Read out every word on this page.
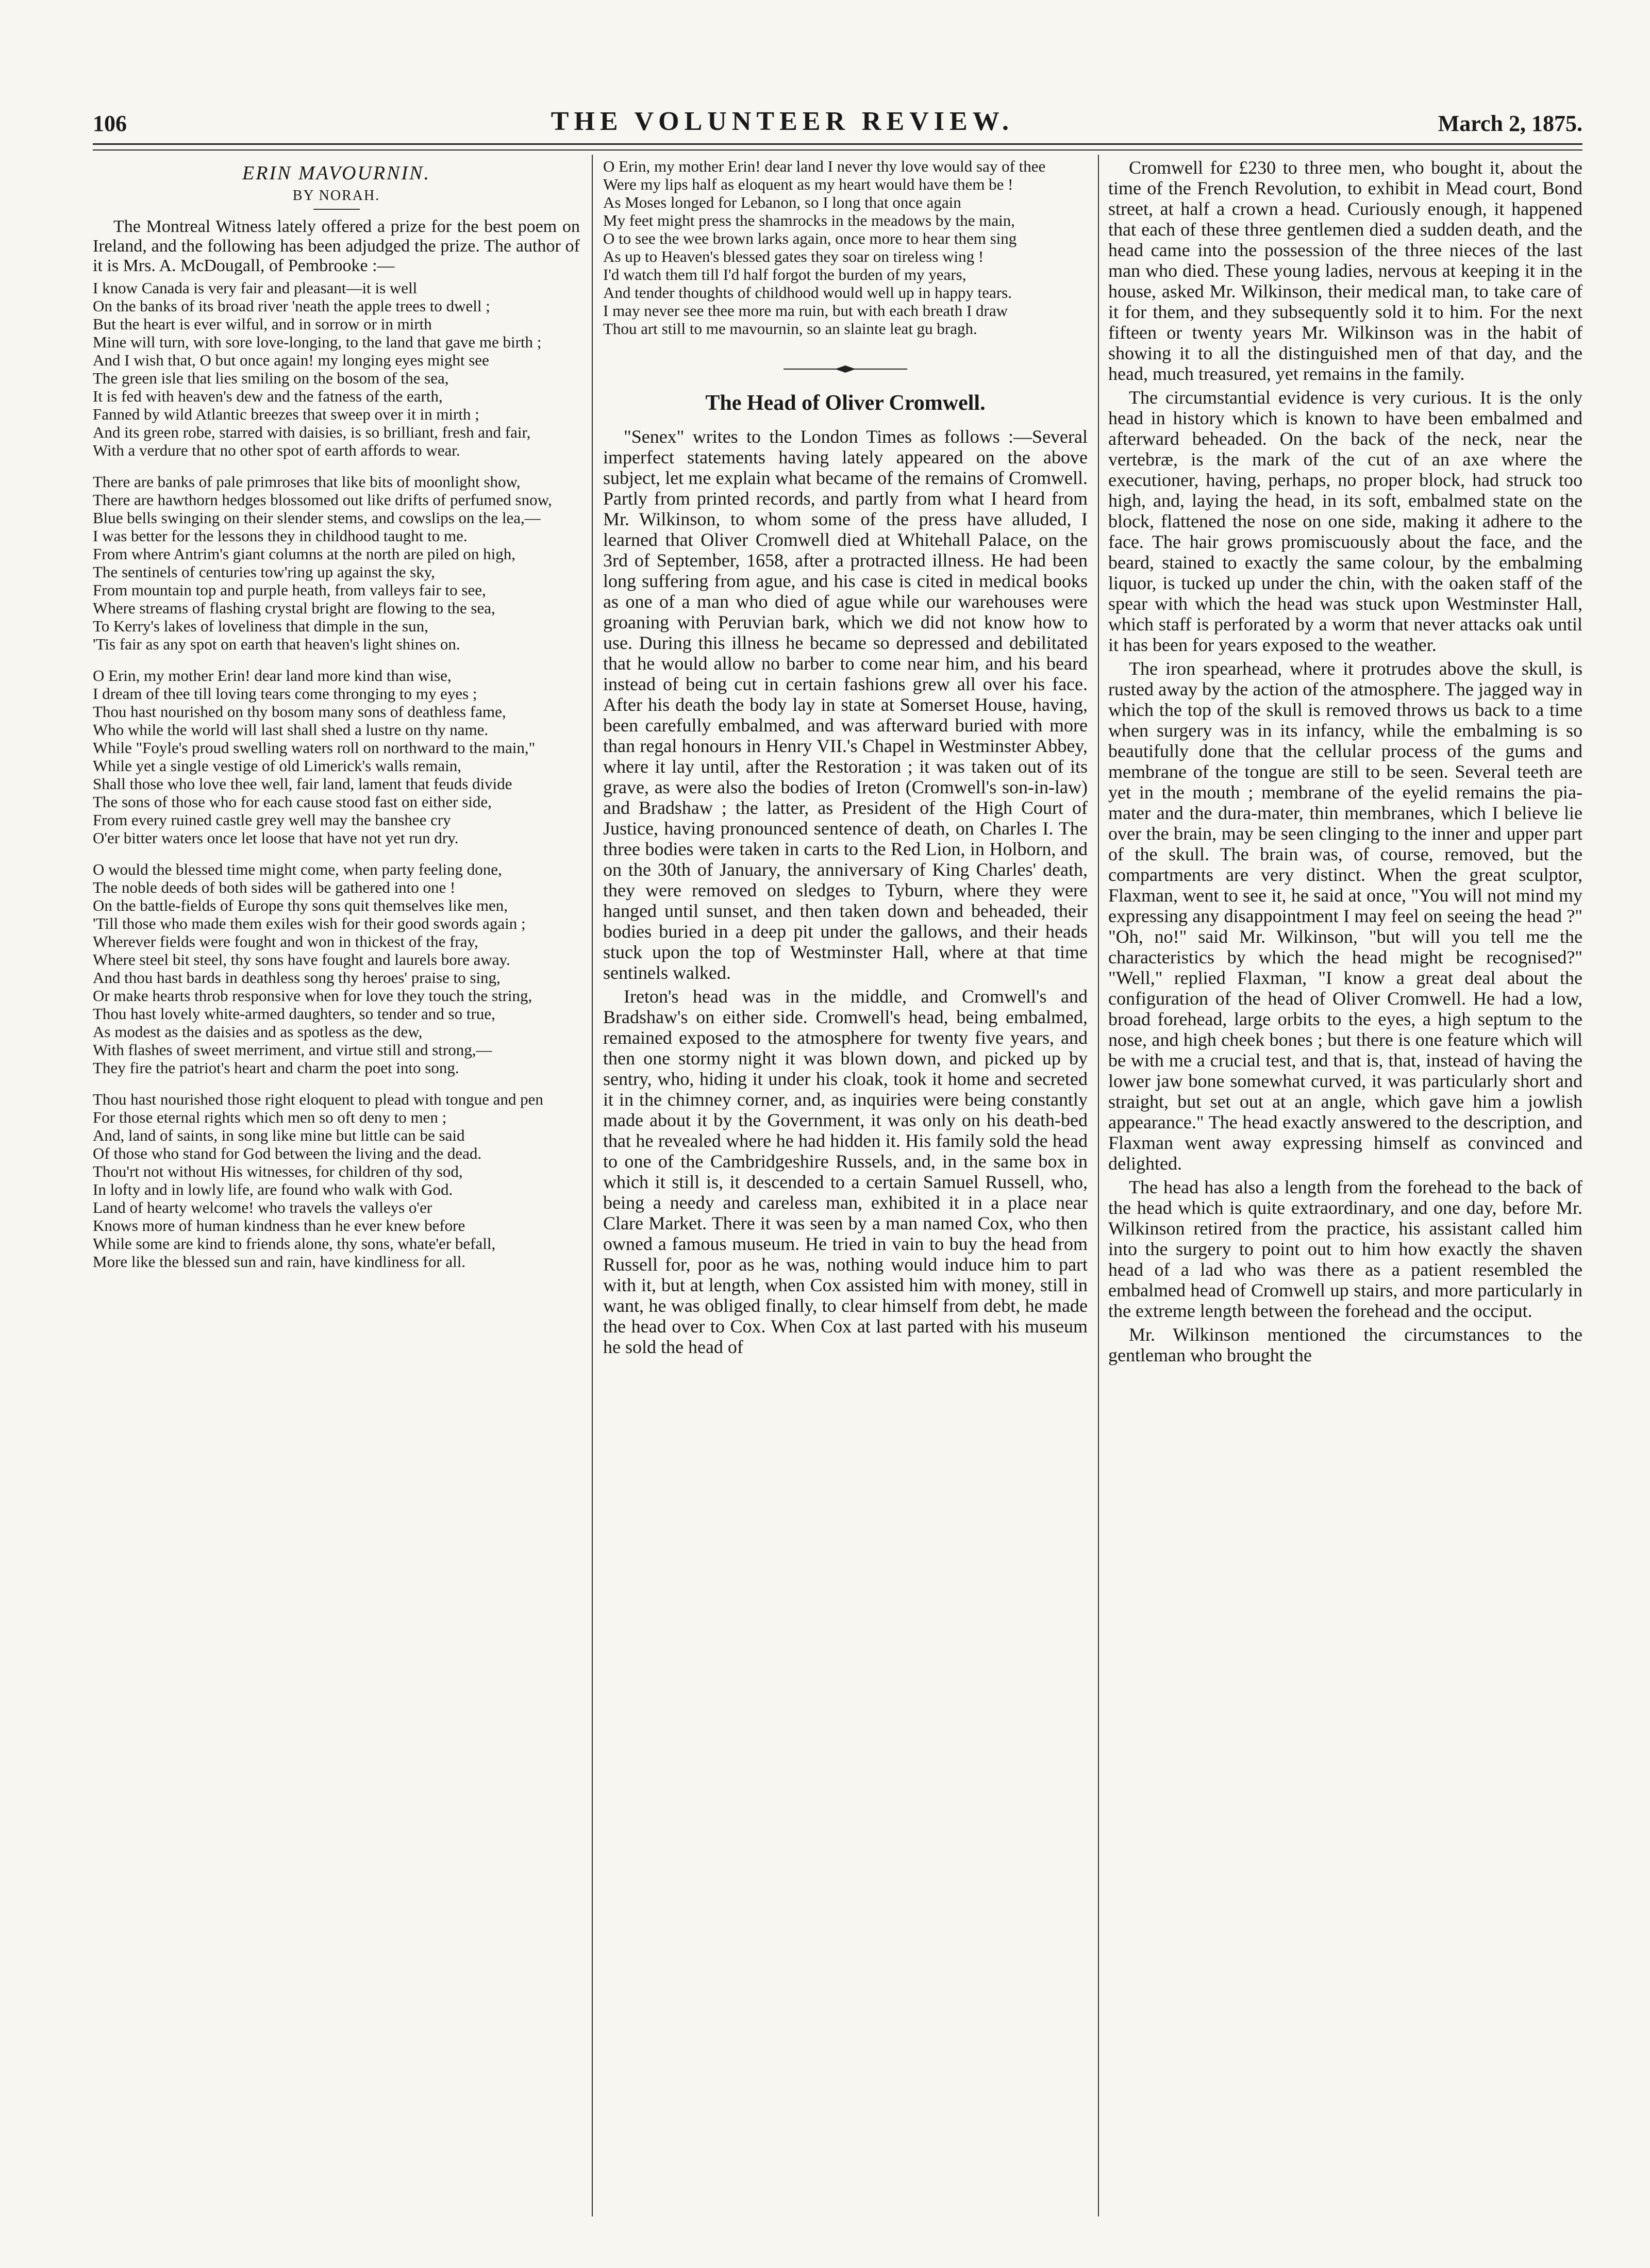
106	THE VOLUNTEER REVIEW.	March 2, 1875.
ERIN MAVOURNIN.
BY NORAH.

The Montreal Witness lately offered a prize for the best poem on Ireland, and the following has been adjudged the prize. The author of it is Mrs. A. McDougall, of Pembrooke :—

I know Canada is very fair and pleasant—it is well
On the banks of its broad river 'neath the apple trees to dwell ;
But the heart is ever wilful, and in sorrow or in mirth
Mine will turn, with sore love-longing, to the land that gave me birth ;
And I wish that, O but once again! my longing eyes might see
The green isle that lies smiling on the bosom of the sea,
It is fed with heaven's dew and the fatness of the earth,
Fanned by wild Atlantic breezes that sweep over it in mirth ;
And its green robe, starred with daisies, is so brilliant, fresh and fair,
With a verdure that no other spot of earth affords to wear.
There are banks of pale primroses that like bits of moonlight show,
There are hawthorn hedges blossomed out like drifts of perfumed snow,
Blue bells swinging on their slender stems, and cowslips on the lea,—
I was better for the lessons they in childhood taught to me.
From where Antrim's giant columns at the north are piled on high,
The sentinels of centuries tow'ring up against the sky,
From mountain top and purple heath, from valleys fair to see,
Where streams of flashing crystal bright are flowing to the sea,
To Kerry's lakes of loveliness that dimple in the sun,
'Tis fair as any spot on earth that heaven's light shines on.
O Erin, my mother Erin! dear land more kind than wise,
I dream of thee till loving tears come thronging to my eyes ;
Thou hast nourished on thy bosom many sons of deathless fame,
Who while the world will last shall shed a lustre on thy name.
While "Foyle's proud swelling waters roll on northward to the main,"
While yet a single vestige of old Limerick's walls remain,
Shall those who love thee well, fair land, lament that feuds divide
The sons of those who for each cause stood fast on either side,
From every ruined castle grey well may the banshee cry
O'er bitter waters once let loose that have not yet run dry.
O would the blessed time might come, when party feeling done,
The noble deeds of both sides will be gathered into one !
On the battle-fields of Europe thy sons quit themselves like men,
'Till those who made them exiles wish for their good swords again ;
Wherever fields were fought and won in thickest of the fray,
Where steel bit steel, thy sons have fought and laurels bore away.
And thou hast bards in deathless song thy heroes' praise to sing,
Or make hearts throb responsive when for love they touch the string,
Thou hast lovely white-armed daughters, so tender and so true,
As modest as the daisies and as spotless as the dew,
With flashes of sweet merriment, and virtue still and strong,—
They fire the patriot's heart and charm the poet into song.
Thou hast nourished those right eloquent to plead with tongue and pen
For those eternal rights which men so oft deny to men ;
And, land of saints, in song like mine but little can be said
Of those who stand for God between the living and the dead.
Thou'rt not without His witnesses, for children of thy sod,
In lofty and in lowly life, are found who walk with God.
Land of hearty welcome! who travels the valleys o'er
Knows more of human kindness than he ever knew before
While some are kind to friends alone, thy sons, whate'er befall,
More like the blessed sun and rain, have kindliness for all.
O Erin, my mother Erin! dear land I never thy love would say of thee
Were my lips half as eloquent as my heart would have them be !
As Moses longed for Lebanon, so I long that once again
My feet might press the shamrocks in the meadows by the main,
O to see the wee brown larks again, once more to hear them sing
As up to Heaven's blessed gates they soar on tireless wing !
I'd watch them till I'd half forgot the burden of my years,
And tender thoughts of childhood would well up in happy tears.
I may never see thee more ma ruin, but with each breath I draw
Thou art still to me mavournin, so an slainte leat gu bragh.
The Head of Oliver Cromwell.

"Senex" writes to the London Times as follows :—Several imperfect statements having lately appeared on the above subject, let me explain what became of the remains of Cromwell. Partly from printed records, and partly from what I heard from Mr. Wilkinson, to whom some of the press have alluded, I learned that Oliver Cromwell died at Whitehall Palace, on the 3rd of September, 1658, after a protracted illness. He had been long suffering from ague, and his case is cited in medical books as one of a man who died of ague while our warehouses were groaning with Peruvian bark, which we did not know how to use. During this illness he became so depressed and debilitated that he would allow no barber to come near him, and his beard instead of being cut in certain fashions grew all over his face. After his death the body lay in state at Somerset House, having, been carefully embalmed, and was afterward buried with more than regal honours in Henry VII.'s Chapel in Westminster Abbey, where it lay until, after the Restoration ; it was taken out of its grave, as were also the bodies of Ireton (Cromwell's son-in-law) and Bradshaw ; the latter, as President of the High Court of Justice, having pronounced sentence of death, on Charles I. The three bodies were taken in carts to the Red Lion, in Holborn, and on the 30th of January, the anniversary of King Charles' death, they were removed on sledges to Tyburn, where they were hanged until sunset, and then taken down and beheaded, their bodies buried in a deep pit under the gallows, and their heads stuck upon the top of Westminster Hall, where at that time sentinels walked.

Ireton's head was in the middle, and Cromwell's and Bradshaw's on either side. Cromwell's head, being embalmed, remained exposed to the atmosphere for twenty five years, and then one stormy night it was blown down, and picked up by sentry, who, hiding it under his cloak, took it home and secreted it in the chimney corner, and, as inquiries were being constantly made about it by the Government, it was only on his death-bed that he revealed where he had hidden it. His family sold the head to one of the Cambridgeshire Russels, and, in the same box in which it still is, it descended to a certain Samuel Russell, who, being a needy and careless man, exhibited it in a place near Clare Market. There it was seen by a man named Cox, who then owned a famous museum. He tried in vain to buy the head from Russell for, poor as he was, nothing would induce him to part with it, but at length, when Cox assisted him with money, still in want, he was obliged finally, to clear himself from debt, he made the head over to Cox. When Cox at last parted with his museum he sold the head of

Cromwell for £230 to three men, who bought it, about the time of the French Revolution, to exhibit in Mead court, Bond street, at half a crown a head. Curiously enough, it happened that each of these three gentlemen died a sudden death, and the head came into the possession of the three nieces of the last man who died. These young ladies, nervous at keeping it in the house, asked Mr. Wilkinson, their medical man, to take care of it for them, and they subsequently sold it to him. For the next fifteen or twenty years Mr. Wilkinson was in the habit of showing it to all the distinguished men of that day, and the head, much treasured, yet remains in the family.

The circumstantial evidence is very curious. It is the only head in history which is known to have been embalmed and afterward beheaded. On the back of the neck, near the vertebræ, is the mark of the cut of an axe where the executioner, having, perhaps, no proper block, had struck too high, and, laying the head, in its soft, embalmed state on the block, flattened the nose on one side, making it adhere to the face. The hair grows promiscuously about the face, and the beard, stained to exactly the same colour, by the embalming liquor, is tucked up under the chin, with the oaken staff of the spear with which the head was stuck upon Westminster Hall, which staff is perforated by a worm that never attacks oak until it has been for years exposed to the weather.

The iron spearhead, where it protrudes above the skull, is rusted away by the action of the atmosphere. The jagged way in which the top of the skull is removed throws us back to a time when surgery was in its infancy, while the embalming is so beautifully done that the cellular process of the gums and membrane of the tongue are still to be seen. Several teeth are yet in the mouth ; membrane of the eyelid remains the pia-mater and the dura-mater, thin membranes, which I believe lie over the brain, may be seen clinging to the inner and upper part of the skull. The brain was, of course, removed, but the compartments are very distinct. When the great sculptor, Flaxman, went to see it, he said at once, "You will not mind my expressing any disappointment I may feel on seeing the head ?" "Oh, no!" said Mr. Wilkinson, "but will you tell me the characteristics by which the head might be recognised?" "Well," replied Flaxman, "I know a great deal about the configuration of the head of Oliver Cromwell. He had a low, broad forehead, large orbits to the eyes, a high septum to the nose, and high cheek bones ; but there is one feature which will be with me a crucial test, and that is, that, instead of having the lower jaw bone somewhat curved, it was particularly short and straight, but set out at an angle, which gave him a jowlish appearance." The head exactly answered to the description, and Flaxman went away expressing himself as convinced and delighted.

The head has also a length from the forehead to the back of the head which is quite extraordinary, and one day, before Mr. Wilkinson retired from the practice, his assistant called him into the surgery to point out to him how exactly the shaven head of a lad who was there as a patient resembled the embalmed head of Cromwell up stairs, and more particularly in the extreme length between the forehead and the occiput.

Mr. Wilkinson mentioned the circumstances to the gentleman who brought the
